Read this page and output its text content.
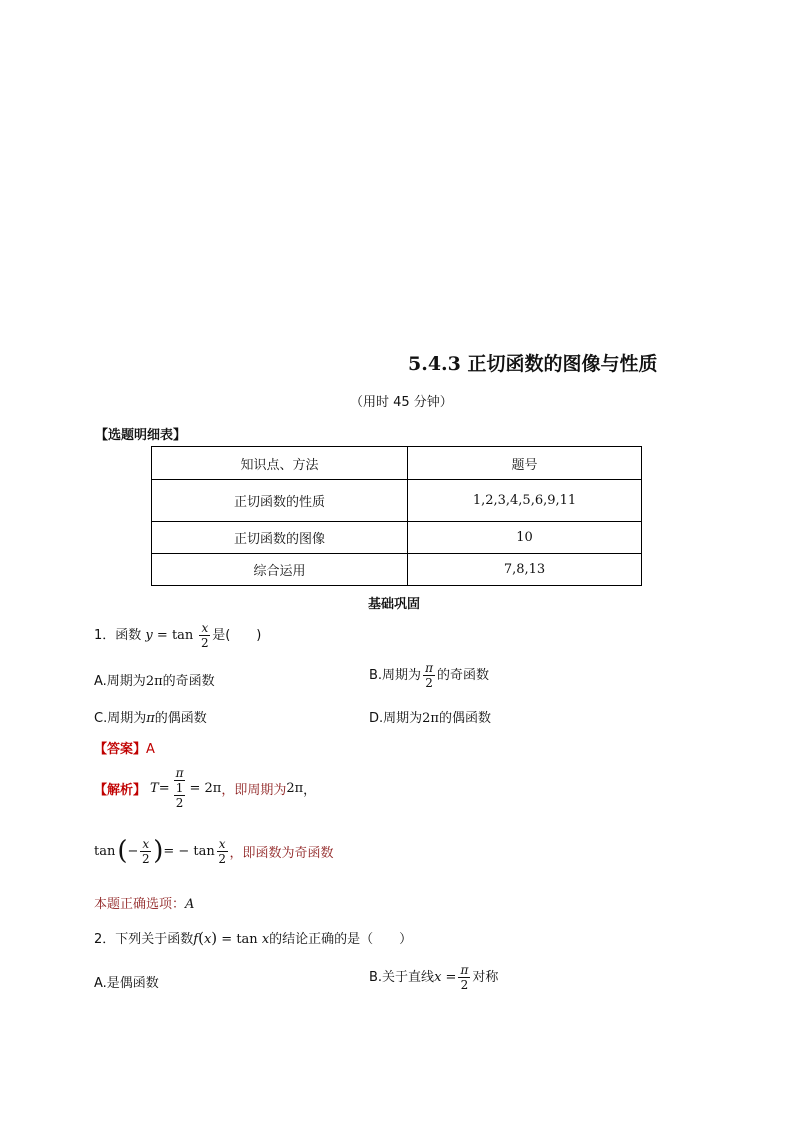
5.4.3 正切函数的图像与性质
（用时 45 分钟）
【选题明细表】
知识点、方法	题号
正切函数的性质	1,2,3,4,5,6,9,11
正切函数的图像	10
综合运用	7,8,13
基础巩固
1．函数 $y = \tan \frac{x}{2}$ 是(　　)
A.周期为2π的奇函数	B.周期为 $\frac{\pi}{2}$ 的奇函数
C.周期为π的偶函数	D.周期为2π的偶函数
【答案】A
【解析】 $T = \frac{\pi}{\frac{1}{2}} = 2\pi$ ，即周期为 2π ，
tan ( − $\frac{x}{2}$ ) = − $\tan \frac{x}{2}$ ，即函数为奇函数
本题正确选项：A
2．下列关于函数f(x) = tan x的结论正确的是（　　）
A.是偶函数	B.关于直线$x = \frac{\pi}{2}$ 对称
